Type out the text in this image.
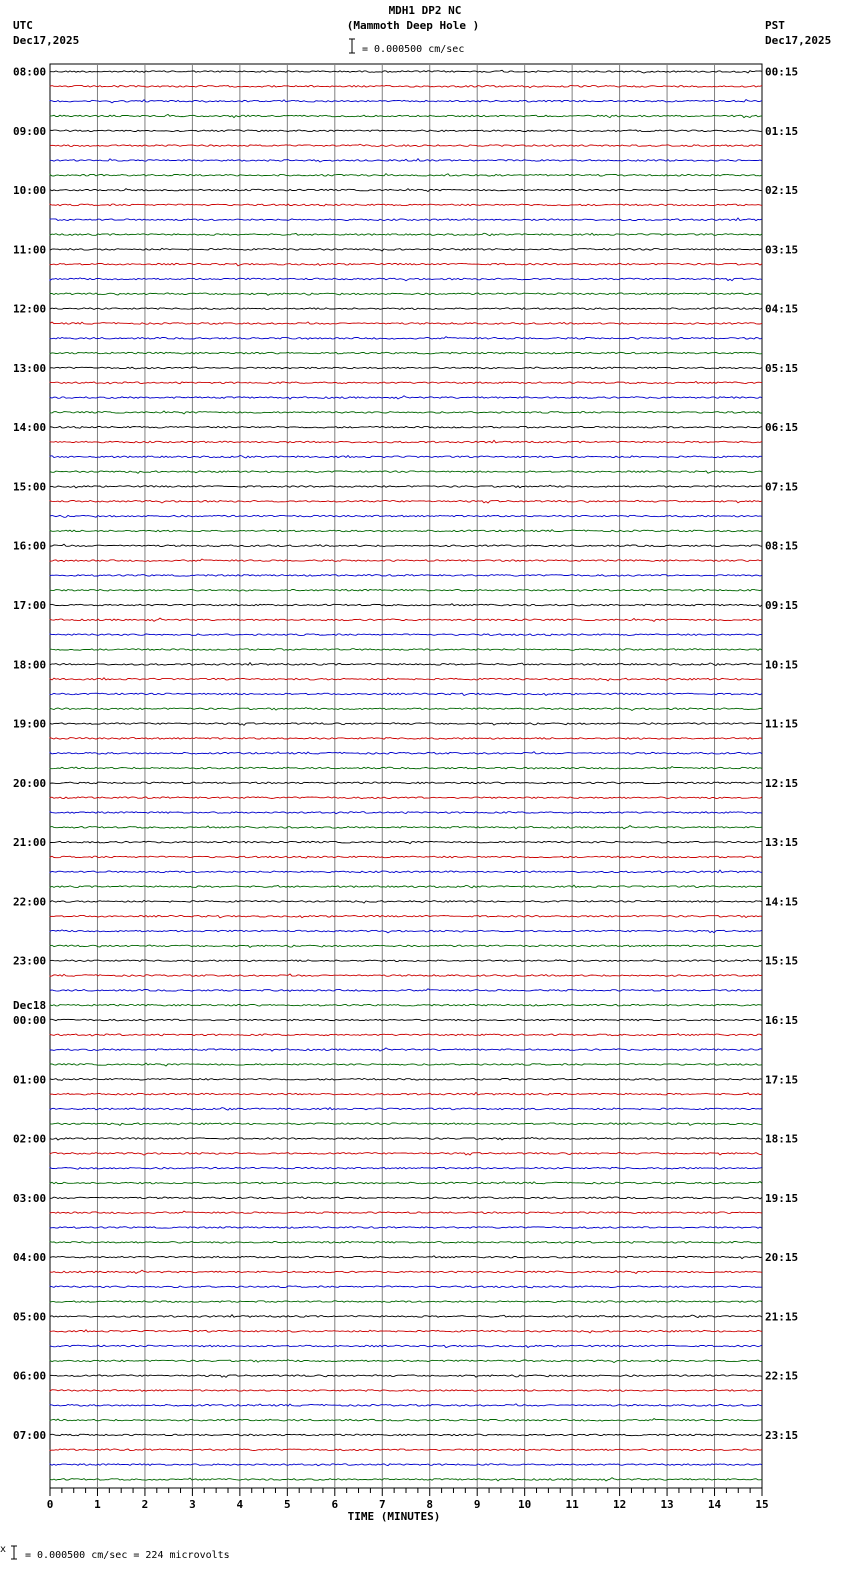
08:00	00:15
09:00	01:15
10:00	02:15
11:00	03:15
12:00	04:15
13:00	05:15
14:00	06:15
15:00	07:15
16:00	08:15
17:00	09:15
18:00	10:15
19:00	11:15
20:00	12:15
21:00	13:15
22:00	14:15
23:00	15:15
00:00	16:15
01:00	17:15
02:00	18:15
03:00	19:15
04:00	20:15
05:00	21:15
06:00	22:15
07:00	23:15
Dec18
0	1	2	3	4	5	6	7	8	9	10	11	12	13	14	15
TIME (MINUTES)
MDH1 DP2 NC
(Mammoth Deep Hole )
UTC
Dec17,2025
PST
Dec17,2025
= 0.000500 cm/sec
x
= 0.000500 cm/sec = 224 microvolts
